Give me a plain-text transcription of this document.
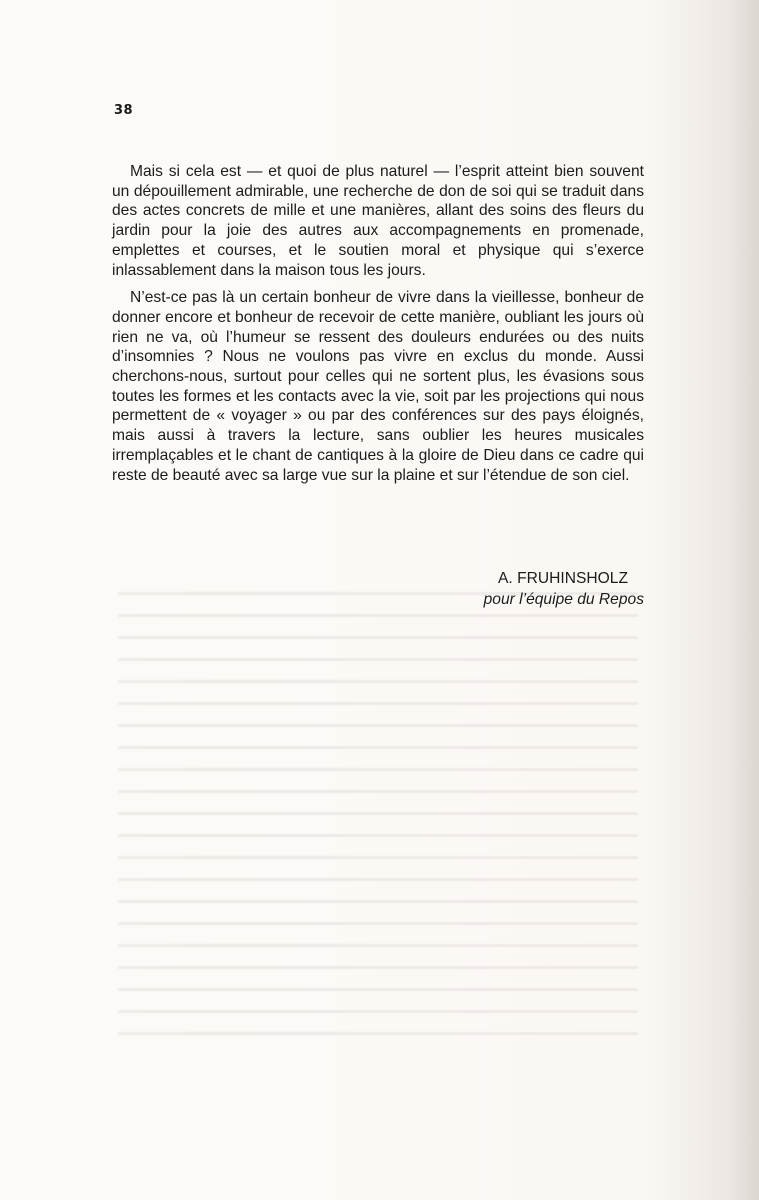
38

Mais si cela est — et quoi de plus naturel — l’esprit atteint bien souvent un dépouillement admirable, une recherche de don de soi qui se traduit dans des actes concrets de mille et une manières, allant des soins des fleurs du jardin pour la joie des autres aux accompagnements en promenade, emplettes et courses, et le soutien moral et physique qui s’exerce inlassablement dans la maison tous les jours.

N’est-ce pas là un certain bonheur de vivre dans la vieillesse, bonheur de donner encore et bonheur de recevoir de cette manière, oubliant les jours où rien ne va, où l’humeur se ressent des douleurs endurées ou des nuits d’insomnies ? Nous ne voulons pas vivre en exclus du monde. Aussi cherchons-nous, surtout pour celles qui ne sortent plus, les évasions sous toutes les formes et les contacts avec la vie, soit par les projections qui nous permettent de « voyager » ou par des conférences sur des pays éloignés, mais aussi à travers la lecture, sans oublier les heures musicales irremplaçables et le chant de cantiques à la gloire de Dieu dans ce cadre qui reste de beauté avec sa large vue sur la plaine et sur l’étendue de son ciel.

A. FRUHINSHOLZ
pour l’équipe du Repos
